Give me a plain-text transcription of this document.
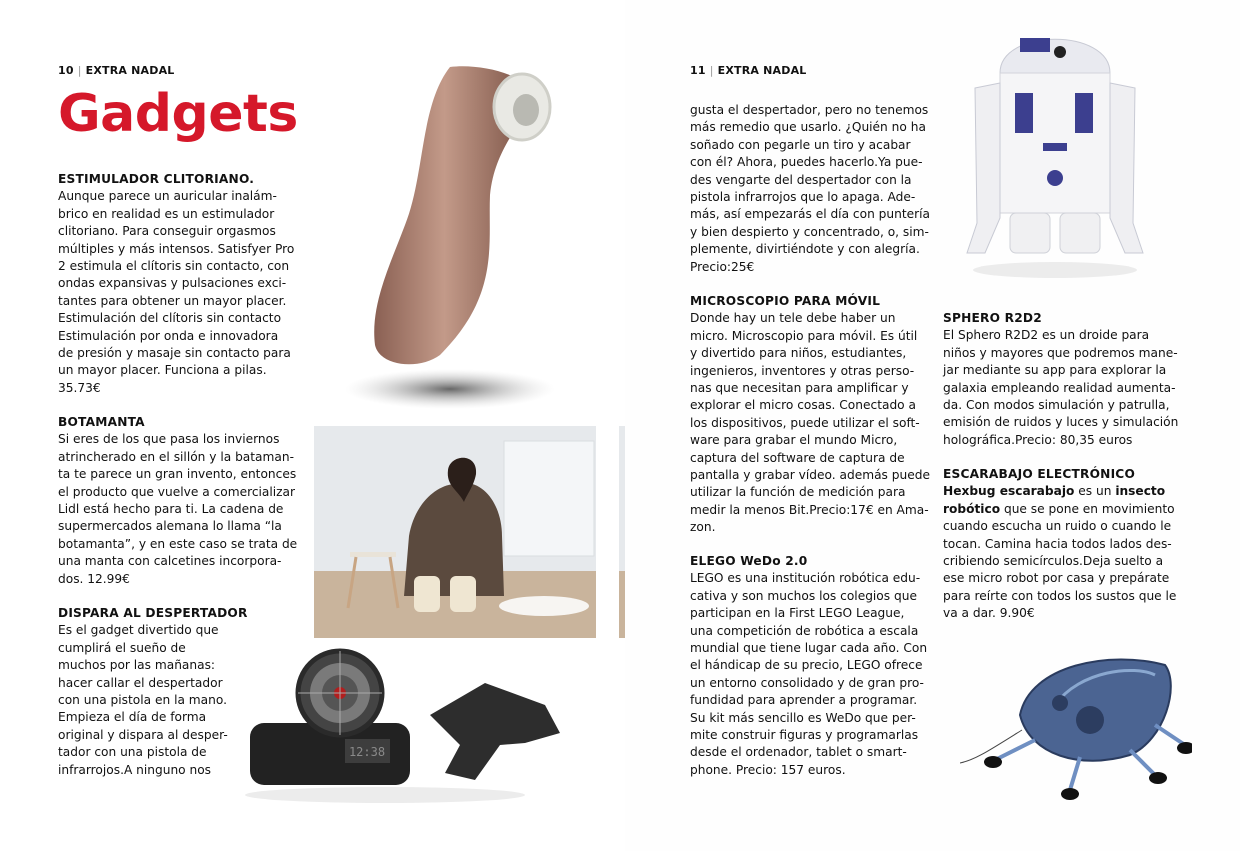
10 | EXTRA NADAL
Gadgets
ESTIMULADOR CLITORIANO.

Aunque parece un auricular inalám-
brico en realidad es un estimulador
clitoriano. Para conseguir orgasmos
múltiples y más intensos. Satisfyer Pro
2 estimula el clítoris sin contacto, con
ondas expansivas y pulsaciones exci-
tantes para obtener un mayor placer.
Estimulación del clítoris sin contacto
Estimulación por onda e innovadora
de presión y masaje sin contacto para
un mayor placer. Funciona a pilas.
35.73€

BOTAMANTA

Si eres de los que pasa los inviernos
atrincherado en el sillón y la bataman-
ta te parece un gran invento, entonces
el producto que vuelve a comercializar
Lidl está hecho para ti. La cadena de
supermercados alemana lo llama “la
botamanta”, y en este caso se trata de
una manta con calcetines incorpora-
dos. 12.99€

DISPARA AL DESPERTADOR

Es el gadget divertido que
cumplirá el sueño de
muchos por las mañanas:
hacer callar el despertador
con una pistola en la mano.
Empieza el día de forma
original y dispara al desper-
tador con una pistola de
infrarrojos.A ninguno nos

12:38
11 | EXTRA NADAL

gusta el despertador, pero no tenemos
más remedio que usarlo. ¿Quién no ha
soñado con pegarle un tiro y acabar
con él? Ahora, puedes hacerlo.Ya pue-
des vengarte del despertador con la
pistola infrarrojos que lo apaga. Ade-
más, así empezarás el día con puntería
y bien despierto y concentrado, o, sim-
plemente, divirtiéndote y con alegría.
Precio:25€

MICROSCOPIO PARA MÓVIL

Donde hay un tele debe haber un
micro. Microscopio para móvil. Es útil
y divertido para niños, estudiantes,
ingenieros, inventores y otras perso-
nas que necesitan para amplificar y
explorar el micro cosas. Conectado a
los dispositivos, puede utilizar el soft-
ware para grabar el mundo Micro,
captura del software de captura de
pantalla y grabar vídeo. además puede
utilizar la función de medición para
medir la menos Bit.Precio:17€ en Ama-
zon.

ELEGO WeDo 2.0

LEGO es una institución robótica edu-
cativa y son muchos los colegios que
participan en la First LEGO League,
una competición de robótica a escala
mundial que tiene lugar cada año. Con
el hándicap de su precio, LEGO ofrece
un entorno consolidado y de gran pro-
fundidad para aprender a programar.
Su kit más sencillo es WeDo que per-
mite construir figuras y programarlas
desde el ordenador, tablet o smart-
phone. Precio: 157 euros.

SPHERO R2D2

El Sphero R2D2 es un droide para
niños y mayores que podremos mane-
jar mediante su app para explorar la
galaxia empleando realidad aumenta-
da. Con modos simulación y patrulla,
emisión de ruidos y luces y simulación
holográfica.Precio: 80,35 euros

ESCARABAJO ELECTRÓNICO

Hexbug escarabajo es un insecto
robótico que se pone en movimiento
cuando escucha un ruido o cuando le
tocan. Camina hacia todos lados des-
cribiendo semicírculos.Deja suelto a
ese micro robot por casa y prepárate
para reírte con todos los sustos que le
va a dar. 9.90€
